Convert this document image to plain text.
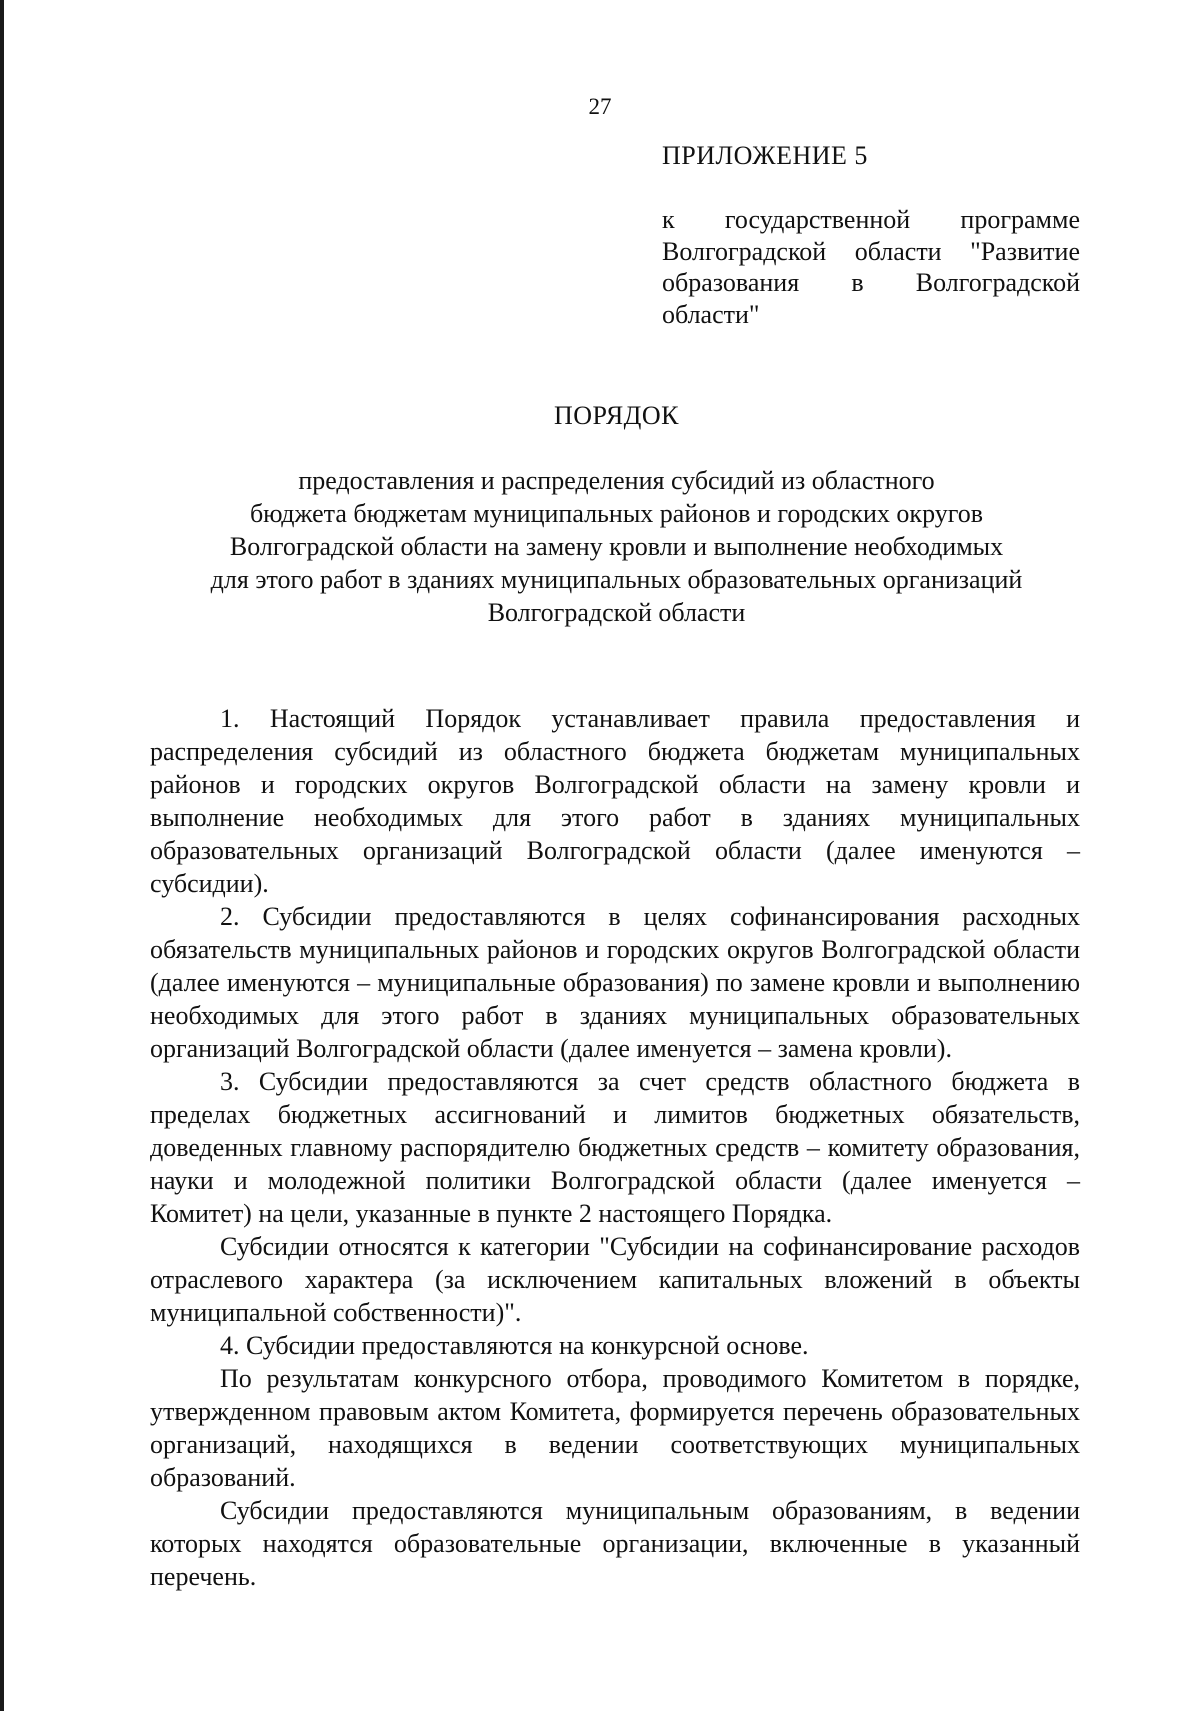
27
ПРИЛОЖЕНИЕ 5
к государственной программе Волгоградской области "Развитие образования в Волгоградской области"
ПОРЯДОК
предоставления и распределения субсидий из областного
бюджета бюджетам муниципальных районов и городских округов
Волгоградской области на замену кровли и выполнение необходимых
для этого работ в зданиях муниципальных образовательных организаций
Волгоградской области

1. Настоящий Порядок устанавливает правила предоставления и распределения субсидий из областного бюджета бюджетам муниципальных районов и городских округов Волгоградской области на замену кровли и выполнение необходимых для этого работ в зданиях муниципальных образовательных организаций Волгоградской области (далее именуются – субсидии).

2. Субсидии предоставляются в целях софинансирования расходных обязательств муниципальных районов и городских округов Волгоградской области (далее именуются – муниципальные образования) по замене кровли и выполнению необходимых для этого работ в зданиях муниципальных образовательных организаций Волгоградской области (далее именуется – замена кровли).

3. Субсидии предоставляются за счет средств областного бюджета в пределах бюджетных ассигнований и лимитов бюджетных обязательств, доведенных главному распорядителю бюджетных средств – комитету образования, науки и молодежной политики Волгоградской области (далее именуется – Комитет) на цели, указанные в пункте 2 настоящего Порядка.

Субсидии относятся к категории "Субсидии на софинансирование расходов отраслевого характера (за исключением капитальных вложений в объекты муниципальной собственности)".

4. Субсидии предоставляются на конкурсной основе.

По результатам конкурсного отбора, проводимого Комитетом в порядке, утвержденном правовым актом Комитета, формируется перечень образовательных организаций, находящихся в ведении соответствующих муниципальных образований.

Субсидии предоставляются муниципальным образованиям, в ведении которых находятся образовательные организации, включенные в указанный перечень.
